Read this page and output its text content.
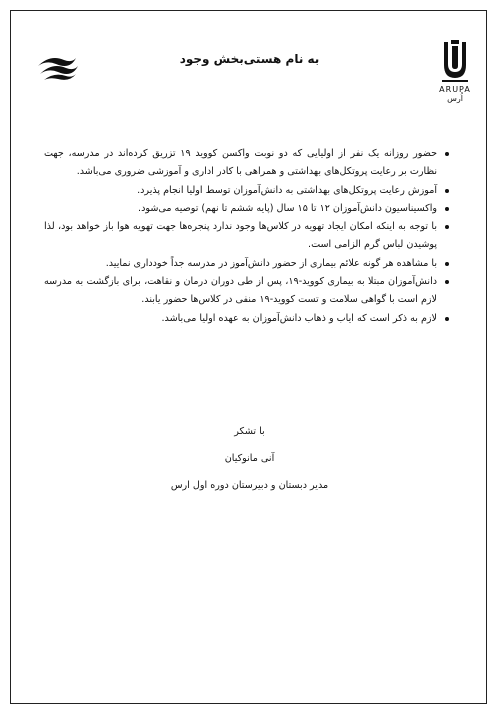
ARUPA
اُرس
به نام هستی‌بخش وجود
حضور روزانه یک نفر از اولیایی که دو نوبت واکسن کووید ۱۹ تزریق کرده‌اند در مدرسه، جهت نظارت بر رعایت پروتکل‌های بهداشتی و همراهی با کادر اداری و آموزشی ضروری می‌باشد.
آموزش رعایت پروتکل‌های بهداشتی به دانش‌آموزان توسط اولیا انجام پذیرد.
واکسیناسیون دانش‌آموزان ۱۲ تا ۱۵ سال (پایه ششم تا نهم) توصیه می‌شود.
با توجه به اینکه امکان ایجاد تهویه در کلاس‌ها وجود ندارد پنجره‌ها جهت تهویه هوا باز خواهد بود، لذا پوشیدن لباس گرم الزامی است.
با مشاهده هر گونه علائم بیماری از حضور دانش‌آموز در مدرسه جداً خودداری نمایید.
دانش‌آموزان مبتلا به بیماری کووید-۱۹، پس از طی دوران درمان و نقاهت، برای بازگشت به مدرسه لازم است با گواهی سلامت و تست کووید-۱۹ منفی در کلاس‌ها حضور یابند.
لازم به ذکر است که ایاب و ذهاب دانش‌آموزان به عهده اولیا می‌باشد.
با تشکر
آنی مانوکیان
مدیر دبستان و دبیرستان دوره اول ارس
